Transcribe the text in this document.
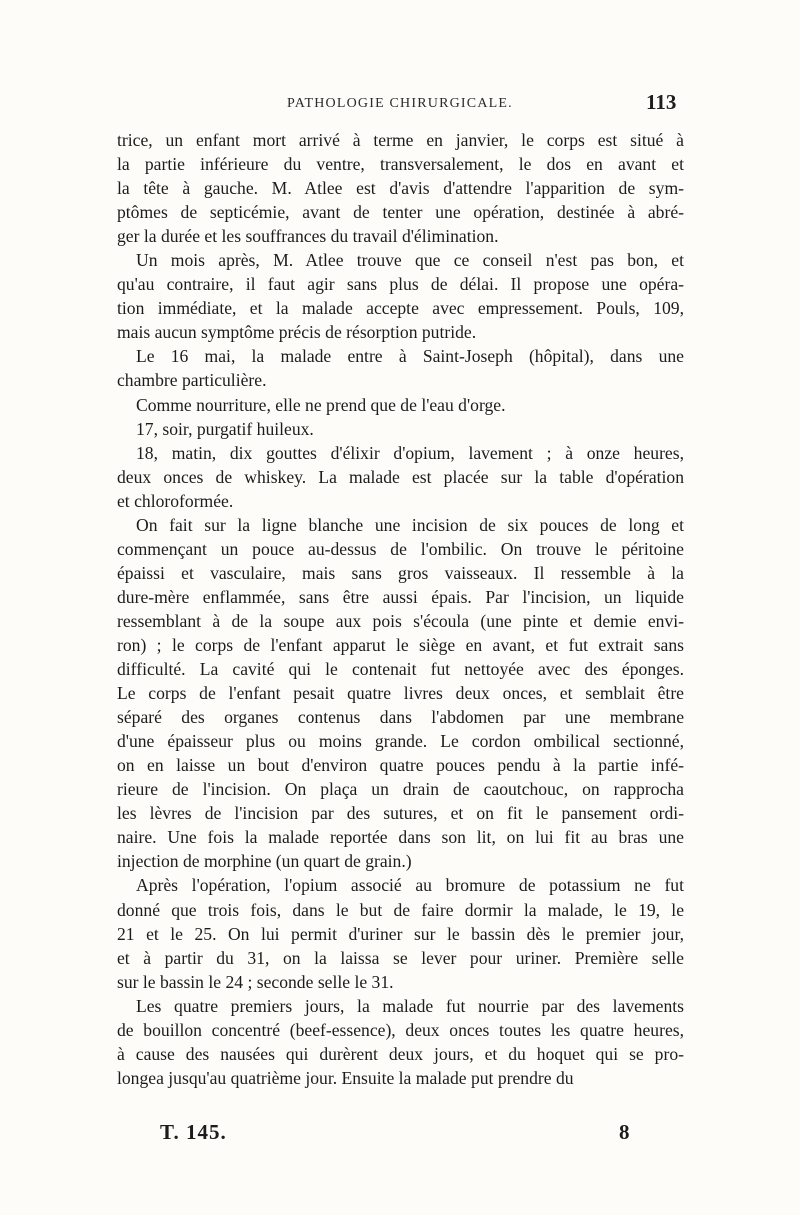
PATHOLOGIE CHIRURGICALE.	113
trice, un enfant mort arrivé à terme en janvier, le corps est situé à
la partie inférieure du ventre, transversalement, le dos en avant et
la tête à gauche. M. Atlee est d'avis d'attendre l'apparition de sym-
ptômes de septicémie, avant de tenter une opération, destinée à abré-
ger la durée et les souffrances du travail d'élimination.
Un mois après, M. Atlee trouve que ce conseil n'est pas bon, et
qu'au contraire, il faut agir sans plus de délai. Il propose une opéra-
tion immédiate, et la malade accepte avec empressement. Pouls, 109,
mais aucun symptôme précis de résorption putride.
Le 16 mai, la malade entre à Saint-Joseph (hôpital), dans une
chambre particulière.
Comme nourriture, elle ne prend que de l'eau d'orge.
17, soir, purgatif huileux.
18, matin, dix gouttes d'élixir d'opium, lavement ; à onze heures,
deux onces de whiskey. La malade est placée sur la table d'opération
et chloroformée.
On fait sur la ligne blanche une incision de six pouces de long et
commençant un pouce au-dessus de l'ombilic. On trouve le péritoine
épaissi et vasculaire, mais sans gros vaisseaux. Il ressemble à la
dure-mère enflammée, sans être aussi épais. Par l'incision, un liquide
ressemblant à de la soupe aux pois s'écoula (une pinte et demie envi-
ron) ; le corps de l'enfant apparut le siège en avant, et fut extrait sans
difficulté. La cavité qui le contenait fut nettoyée avec des éponges.
Le corps de l'enfant pesait quatre livres deux onces, et semblait être
séparé des organes contenus dans l'abdomen par une membrane
d'une épaisseur plus ou moins grande. Le cordon ombilical sectionné,
on en laisse un bout d'environ quatre pouces pendu à la partie infé-
rieure de l'incision. On plaça un drain de caoutchouc, on rapprocha
les lèvres de l'incision par des sutures, et on fit le pansement ordi-
naire. Une fois la malade reportée dans son lit, on lui fit au bras une
injection de morphine (un quart de grain.)
Après l'opération, l'opium associé au bromure de potassium ne fut
donné que trois fois, dans le but de faire dormir la malade, le 19, le
21 et le 25. On lui permit d'uriner sur le bassin dès le premier jour,
et à partir du 31, on la laissa se lever pour uriner. Première selle
sur le bassin le 24 ; seconde selle le 31.
Les quatre premiers jours, la malade fut nourrie par des lavements
de bouillon concentré (beef-essence), deux onces toutes les quatre heures,
à cause des nausées qui durèrent deux jours, et du hoquet qui se pro-
longea jusqu'au quatrième jour. Ensuite la malade put prendre du
T. 145.	8
